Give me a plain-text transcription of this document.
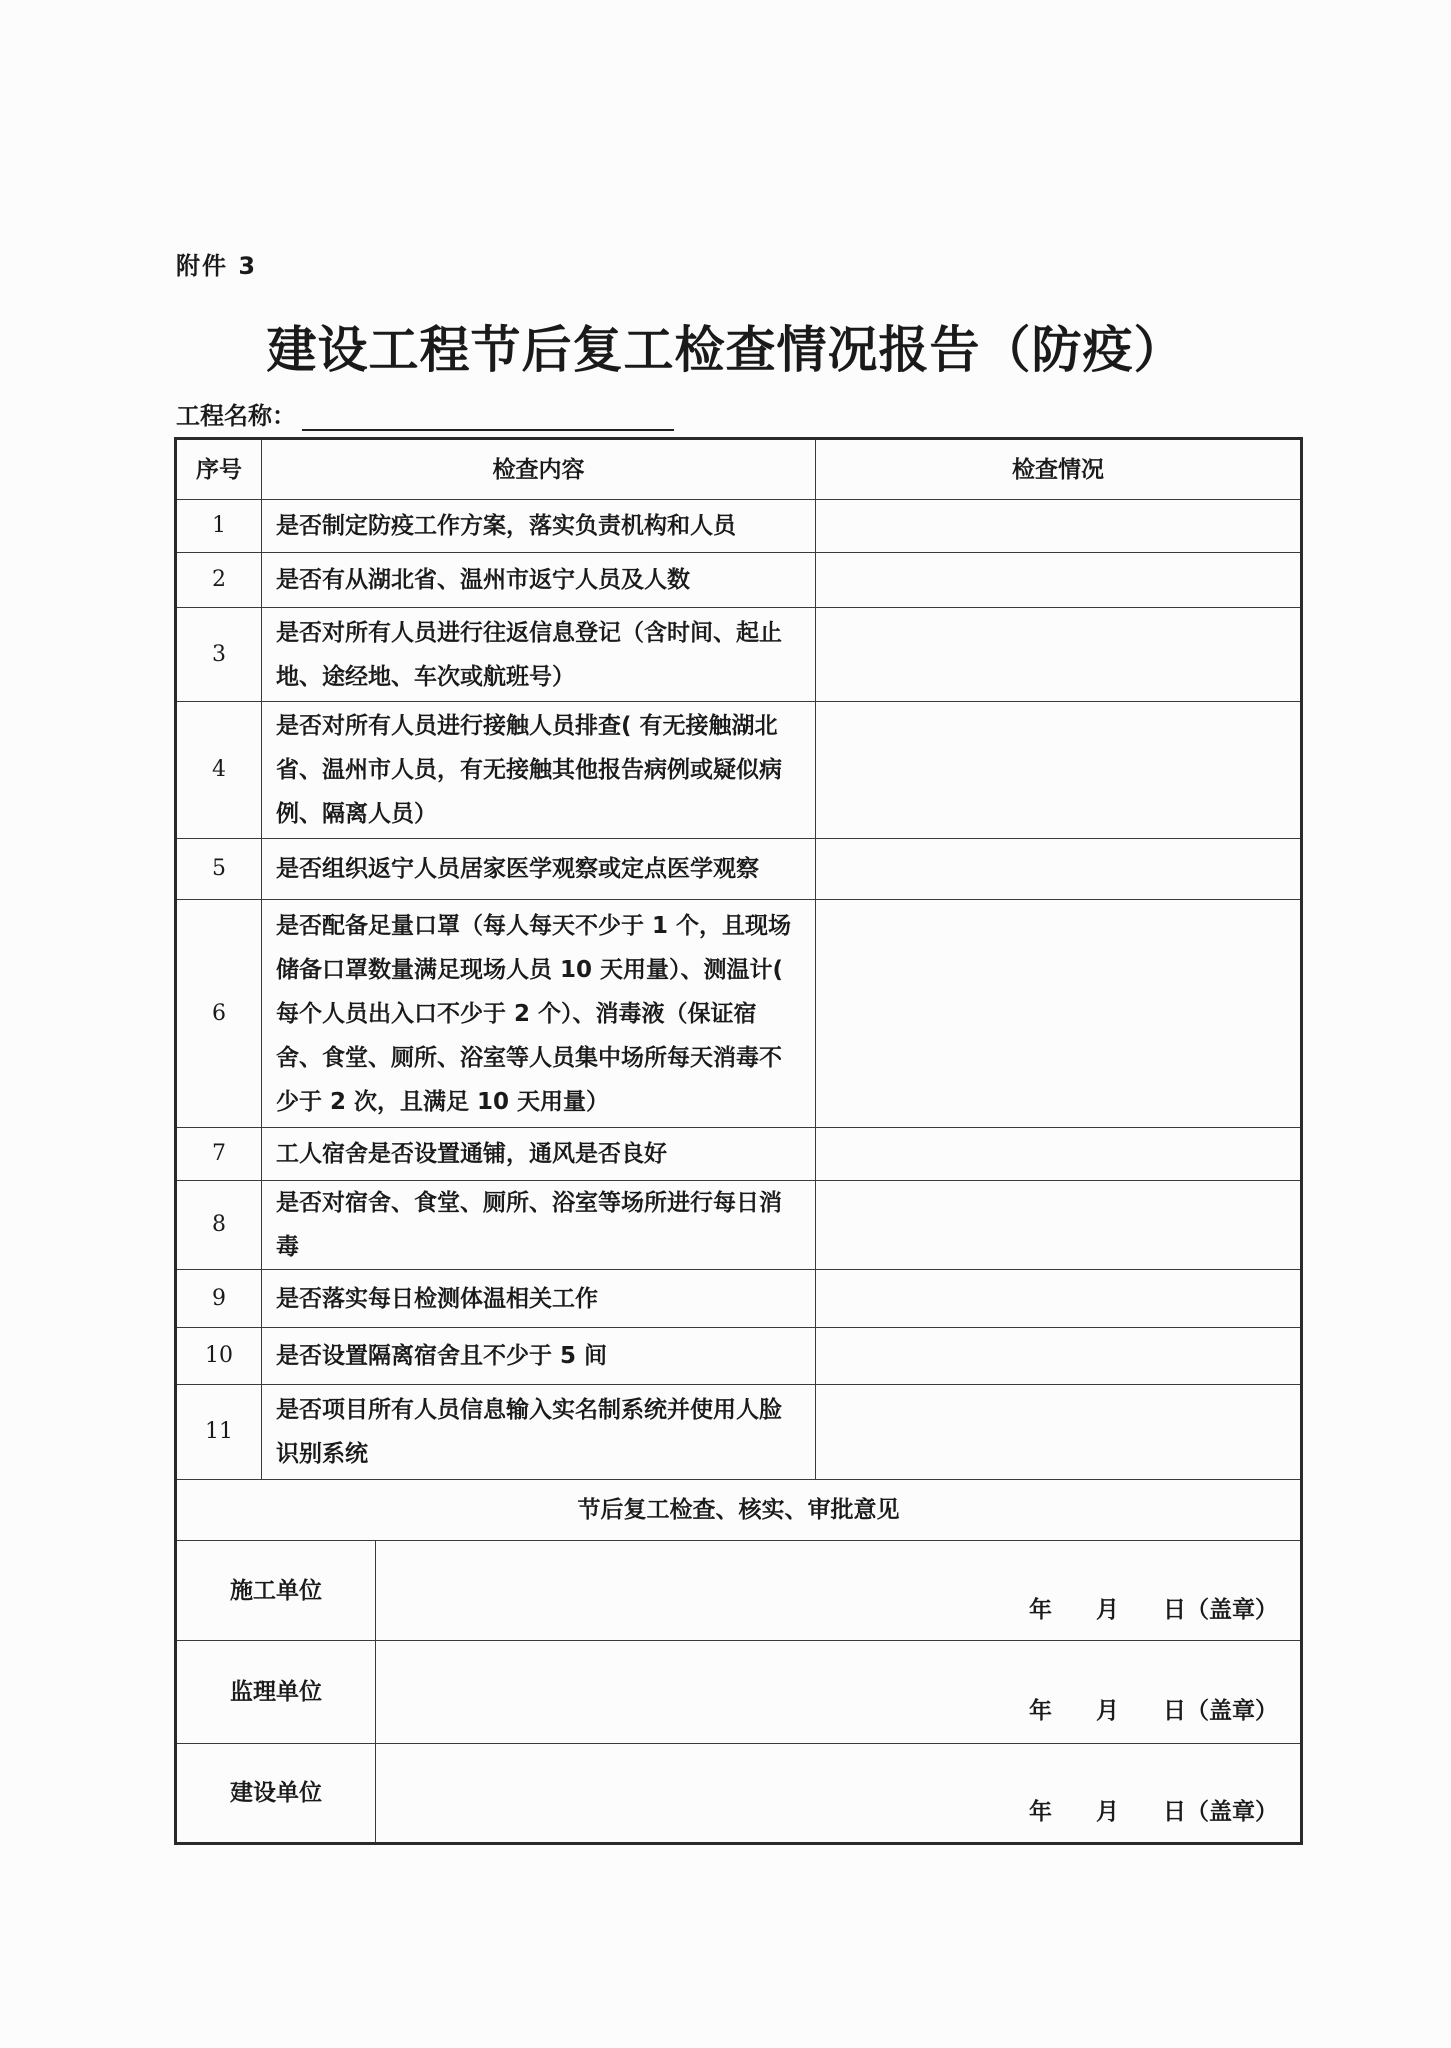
附件 3
建设工程节后复工检查情况报告（防疫）
工程名称：
序号	检查内容		检查情况
1	是否制定防疫工作方案，落实负责机构和人员		
2	是否有从湖北省、温州市返宁人员及人数		
3	是否对所有人员进行往返信息登记（含时间、起止地、途经地、车次或航班号）		
4	是否对所有人员进行接触人员排查( 有无接触湖北省、温州市人员，有无接触其他报告病例或疑似病例、隔离人员）		
5	是否组织返宁人员居家医学观察或定点医学观察		
6	是否配备足量口罩（每人每天不少于 1 个，且现场储备口罩数量满足现场人员 10 天用量）、测温计( 每个人员出入口不少于 2 个）、消毒液（保证宿舍、食堂、厕所、浴室等人员集中场所每天消毒不少于 2 次，且满足 10 天用量）		
7	工人宿舍是否设置通铺，通风是否良好		
8	是否对宿舍、食堂、厕所、浴室等场所进行每日消毒		
9	是否落实每日检测体温相关工作		
10	是否设置隔离宿舍且不少于 5 间		
11	是否项目所有人员信息输入实名制系统并使用人脸识别系统		
节后复工检查、核实、审批意见			
施工单位		年 月 日（盖章）	

监理单位		年 月 日（盖章）	

建设单位		年 月 日（盖章）	
